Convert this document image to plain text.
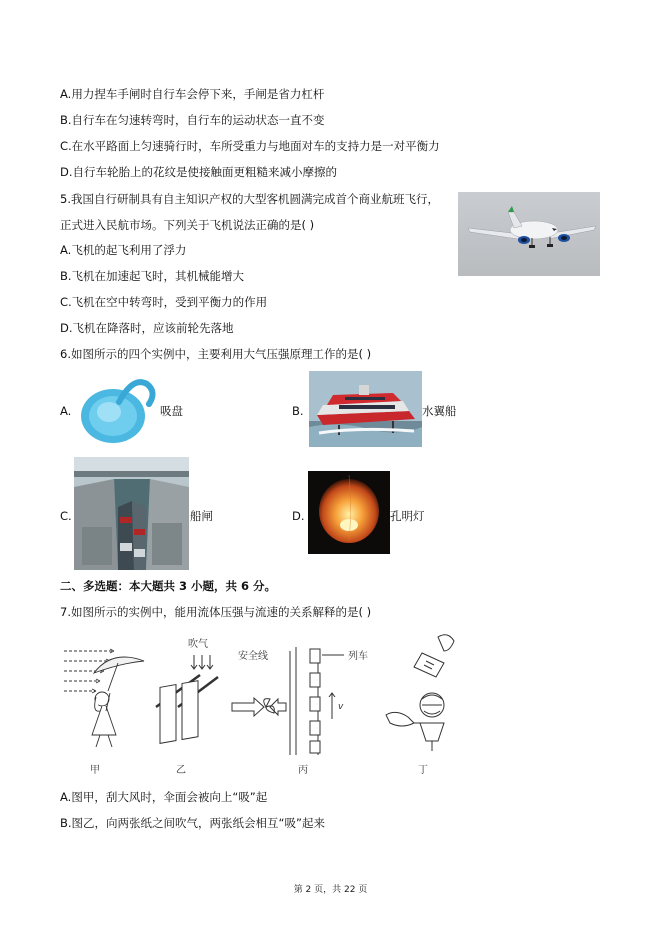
A.用力捏车手闸时自行车会停下来，手闸是省力杠杆
B.自行车在匀速转弯时，自行车的运动状态一直不变
C.在水平路面上匀速骑行时，车所受重力与地面对车的支持力是一对平衡力
D.自行车轮胎上的花纹是使接触面更粗糙来减小摩擦的
5.我国自行研制具有自主知识产权的大型客机圆满完成首个商业航班飞行，
正式进入民航市场。下列关于飞机说法正确的是( )
A.飞机的起飞利用了浮力
B.飞机在加速起飞时，其机械能增大
C.飞机在空中转弯时，受到平衡力的作用
D.飞机在降落时，应该前轮先落地
6.如图所示的四个实例中，主要利用大气压强原理工作的是( )
A.	吸盘	B.	水翼船
C.	船闸	D.	孔明灯
二、多选题：本大题共 3 小题，共 6 分。
7.如图所示的实例中，能用流体压强与流速的关系解释的是( )
甲
吹气
乙
安全线	列车
v
丙	丁
A.图甲，刮大风时，伞面会被向上“吸”起
B.图乙，向两张纸之间吹气，两张纸会相互“吸”起来
第 2 页，共 22 页
